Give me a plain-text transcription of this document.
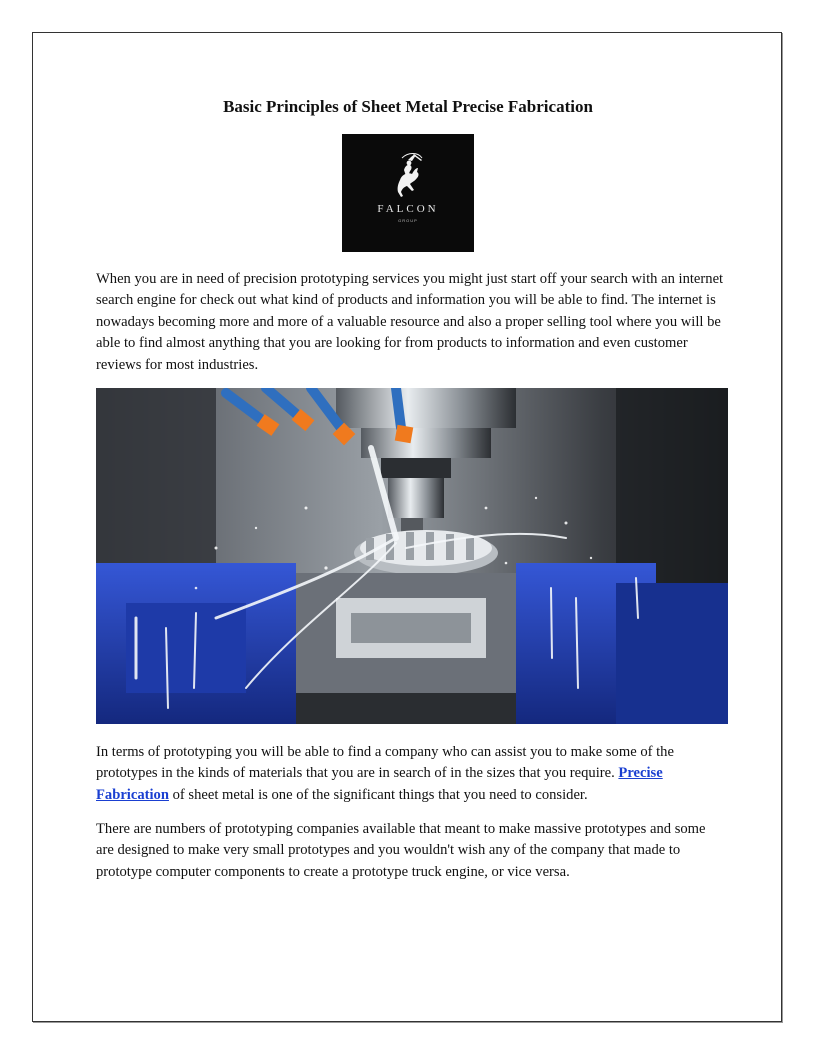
Basic Principles of Sheet Metal Precise Fabrication
FALCON
GROUP

When you are in need of precision prototyping services you might just start off your search with an internet search engine for check out what kind of products and information you will be able to find. The internet is nowadays becoming more and more of a valuable resource and also a proper selling tool where you will be able to find almost anything that you are looking for from products to information and even customer reviews for most industries.

In terms of prototyping you will be able to find a company who can assist you to make some of the prototypes in the kinds of materials that you are in search of in the sizes that you require. Precise Fabrication of sheet metal is one of the significant things that you need to consider.

There are numbers of prototyping companies available that meant to make massive prototypes and some are designed to make very small prototypes and you wouldn't wish any of the company that made to prototype computer components to create a prototype truck engine, or vice versa.
